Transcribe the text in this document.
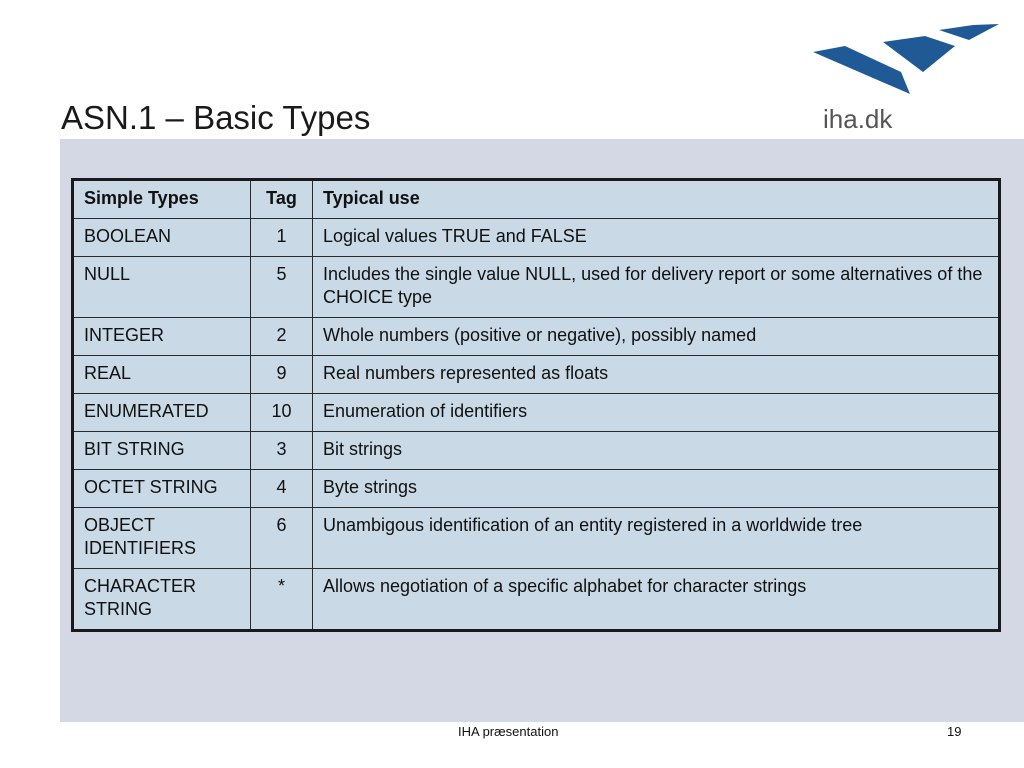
ASN.1 – Basic Types	iha.dk
Simple Types	Tag	Typical use
BOOLEAN	1	Logical values TRUE and FALSE
NULL	5	Includes the single value NULL, used for delivery report or some alternatives of the CHOICE type
INTEGER	2	Whole numbers (positive or negative), possibly named
REAL	9	Real numbers represented as floats
ENUMERATED	10	Enumeration of identifiers
BIT STRING	3	Bit strings
OCTET STRING	4	Byte strings
OBJECT IDENTIFIERS	6	Unambigous identification of an entity registered in a worldwide tree
CHARACTER STRING	*	Allows negotiation of a specific alphabet for character strings
IHA præsentation	19
